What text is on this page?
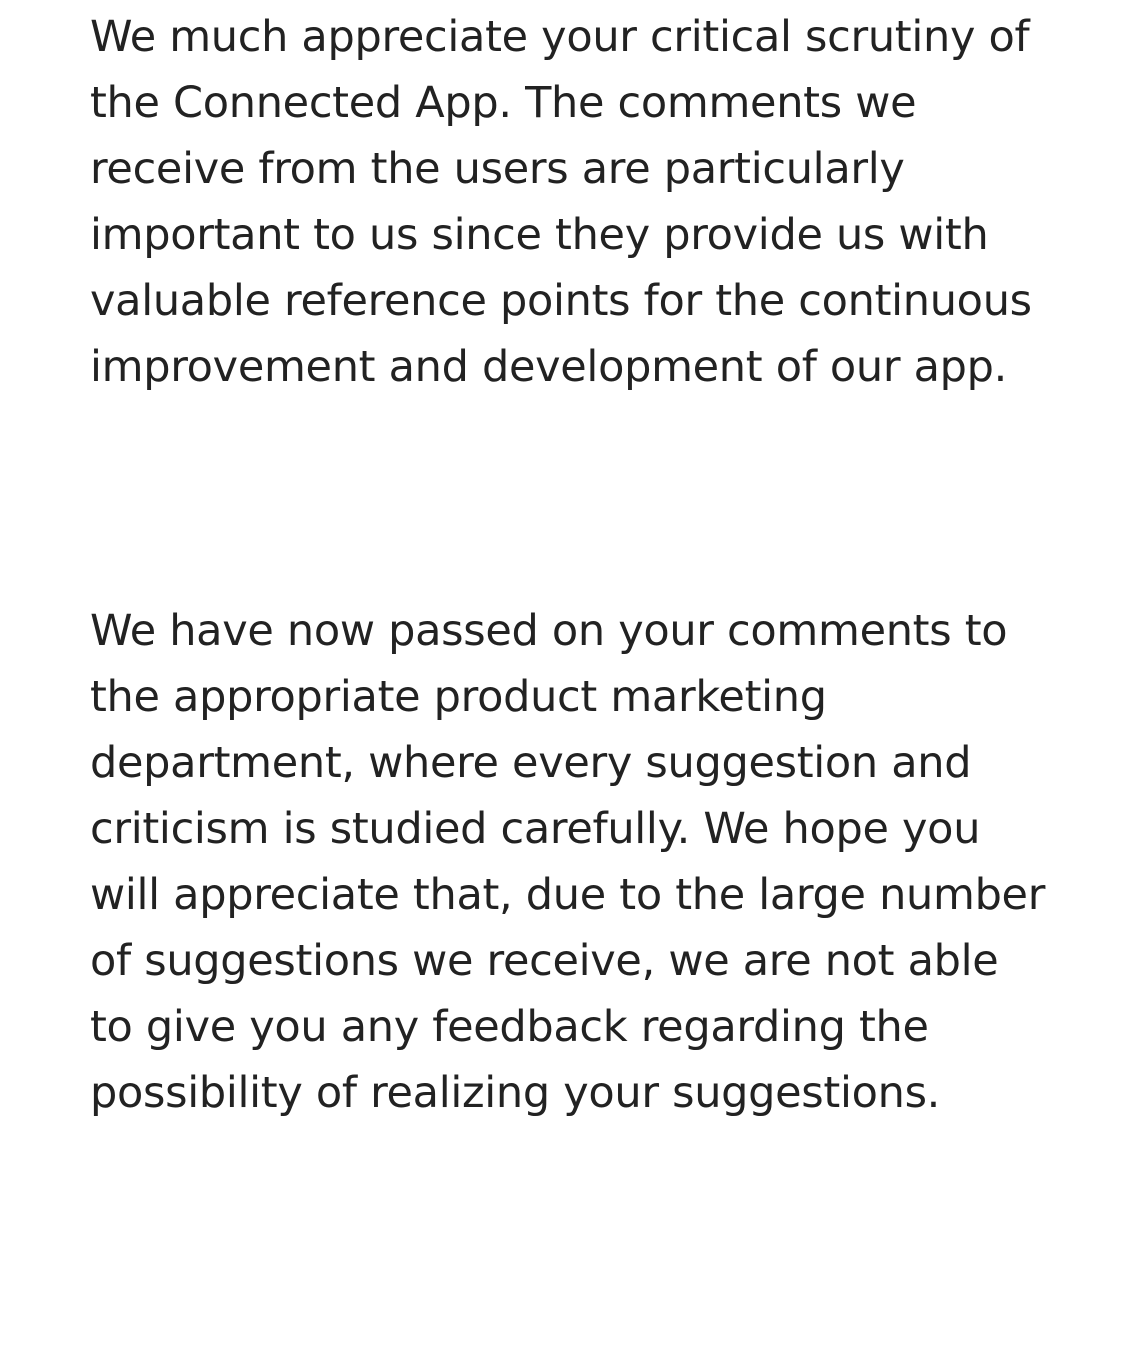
We much appreciate your critical scrutiny of the Connected App. The comments we receive from the users are particularly important to us since they provide us with valuable reference points for the continuous improvement and development of our app.

We have now passed on your comments to the appropriate product marketing department, where every suggestion and criticism is studied carefully. We hope you will appreciate that, due to the large number of suggestions we receive, we are not able to give you any feedback regarding the possibility of realizing your suggestions.
